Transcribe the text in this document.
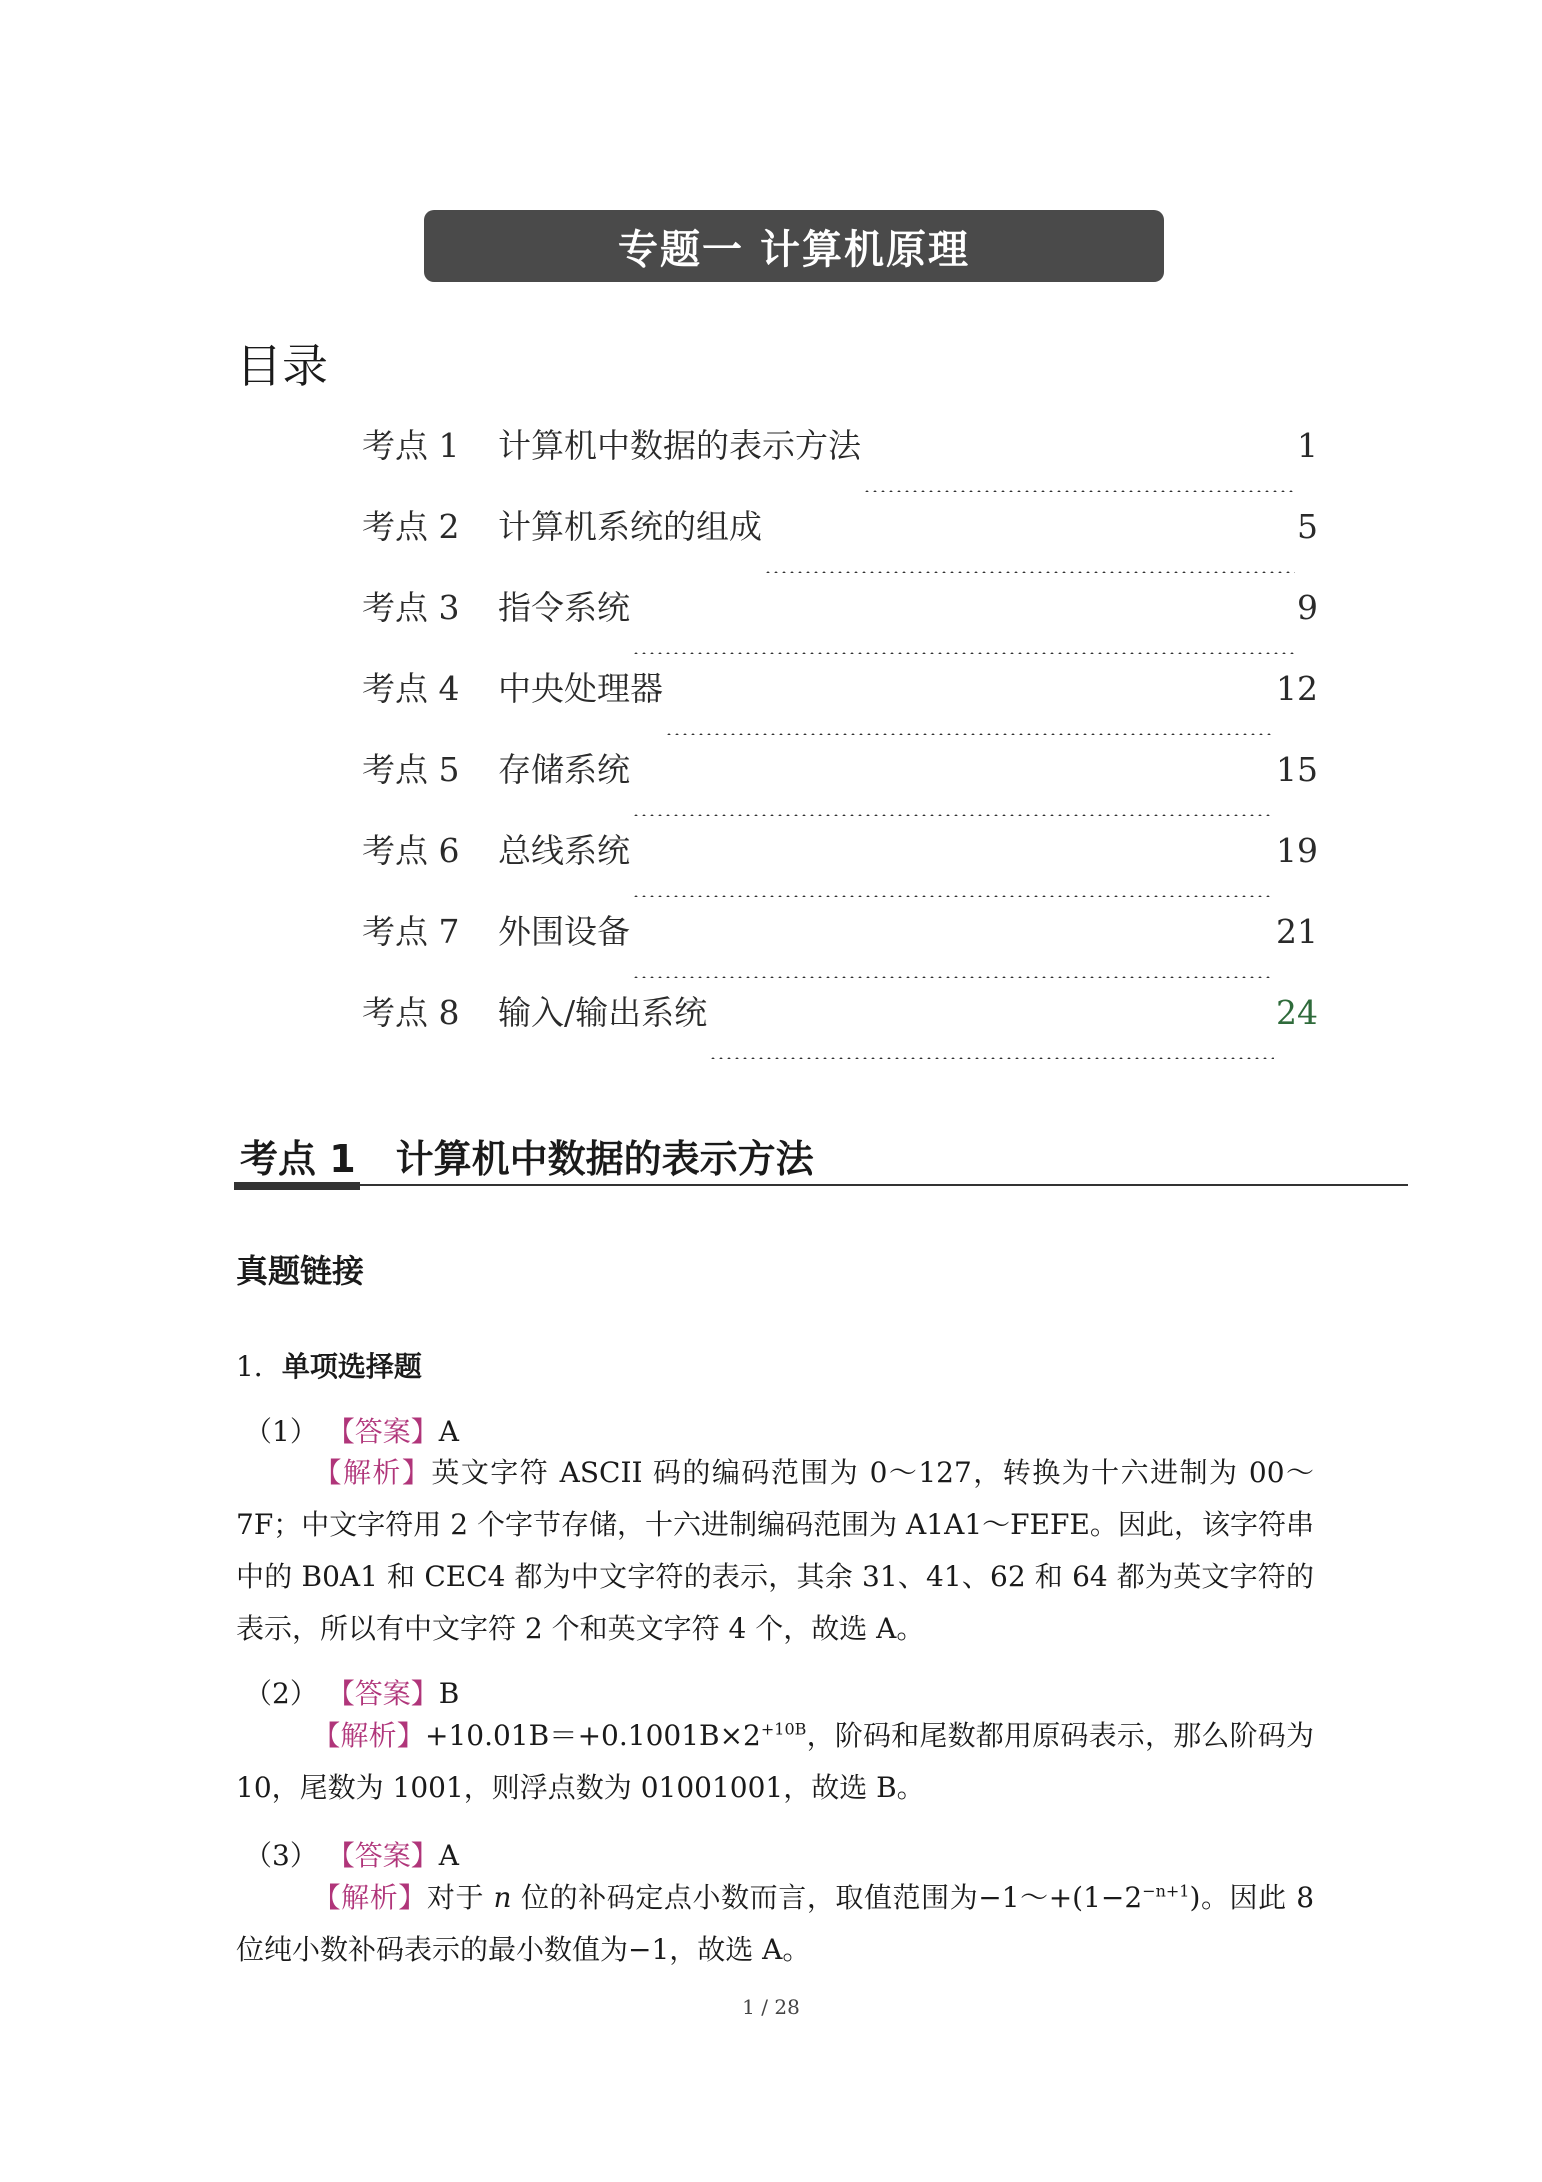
专题一 计算机原理
目录
考点 1	计算机中数据的表示方法	1
考点 2	计算机系统的组成	5
考点 3	指令系统	9
考点 4	中央处理器	12
考点 5	存储系统	15
考点 6	总线系统	19
考点 7	外围设备	21
考点 8	输入/输出系统	24
考点 1 计算机中数据的表示方法
真题链接
1．单项选择题
（1） 【答案】A
【解析】英文字符 ASCII 码的编码范围为 0～127，转换为十六进制为 00～7F；中文字符用 2 个字节存储，十六进制编码范围为 A1A1～FEFE。因此，该字符串中的 B0A1 和 CEC4 都为中文字符的表示，其余 31、41、62 和 64 都为英文字符的表示，所以有中文字符 2 个和英文字符 4 个，故选 A。
（2） 【答案】B
【解析】$+10.01B=+0.1001B\times 2^{+10B}$，阶码和尾数都用原码表示，那么阶码为 10，尾数为 1001，则浮点数为 01001001，故选 B。
（3） 【答案】A
【解析】对于 n 位的补码定点小数而言，取值范围为$-1\sim+(1-2^{-n+1})$。因此 8 位纯小数补码表示的最小数值为−1，故选 A。
1 / 28
